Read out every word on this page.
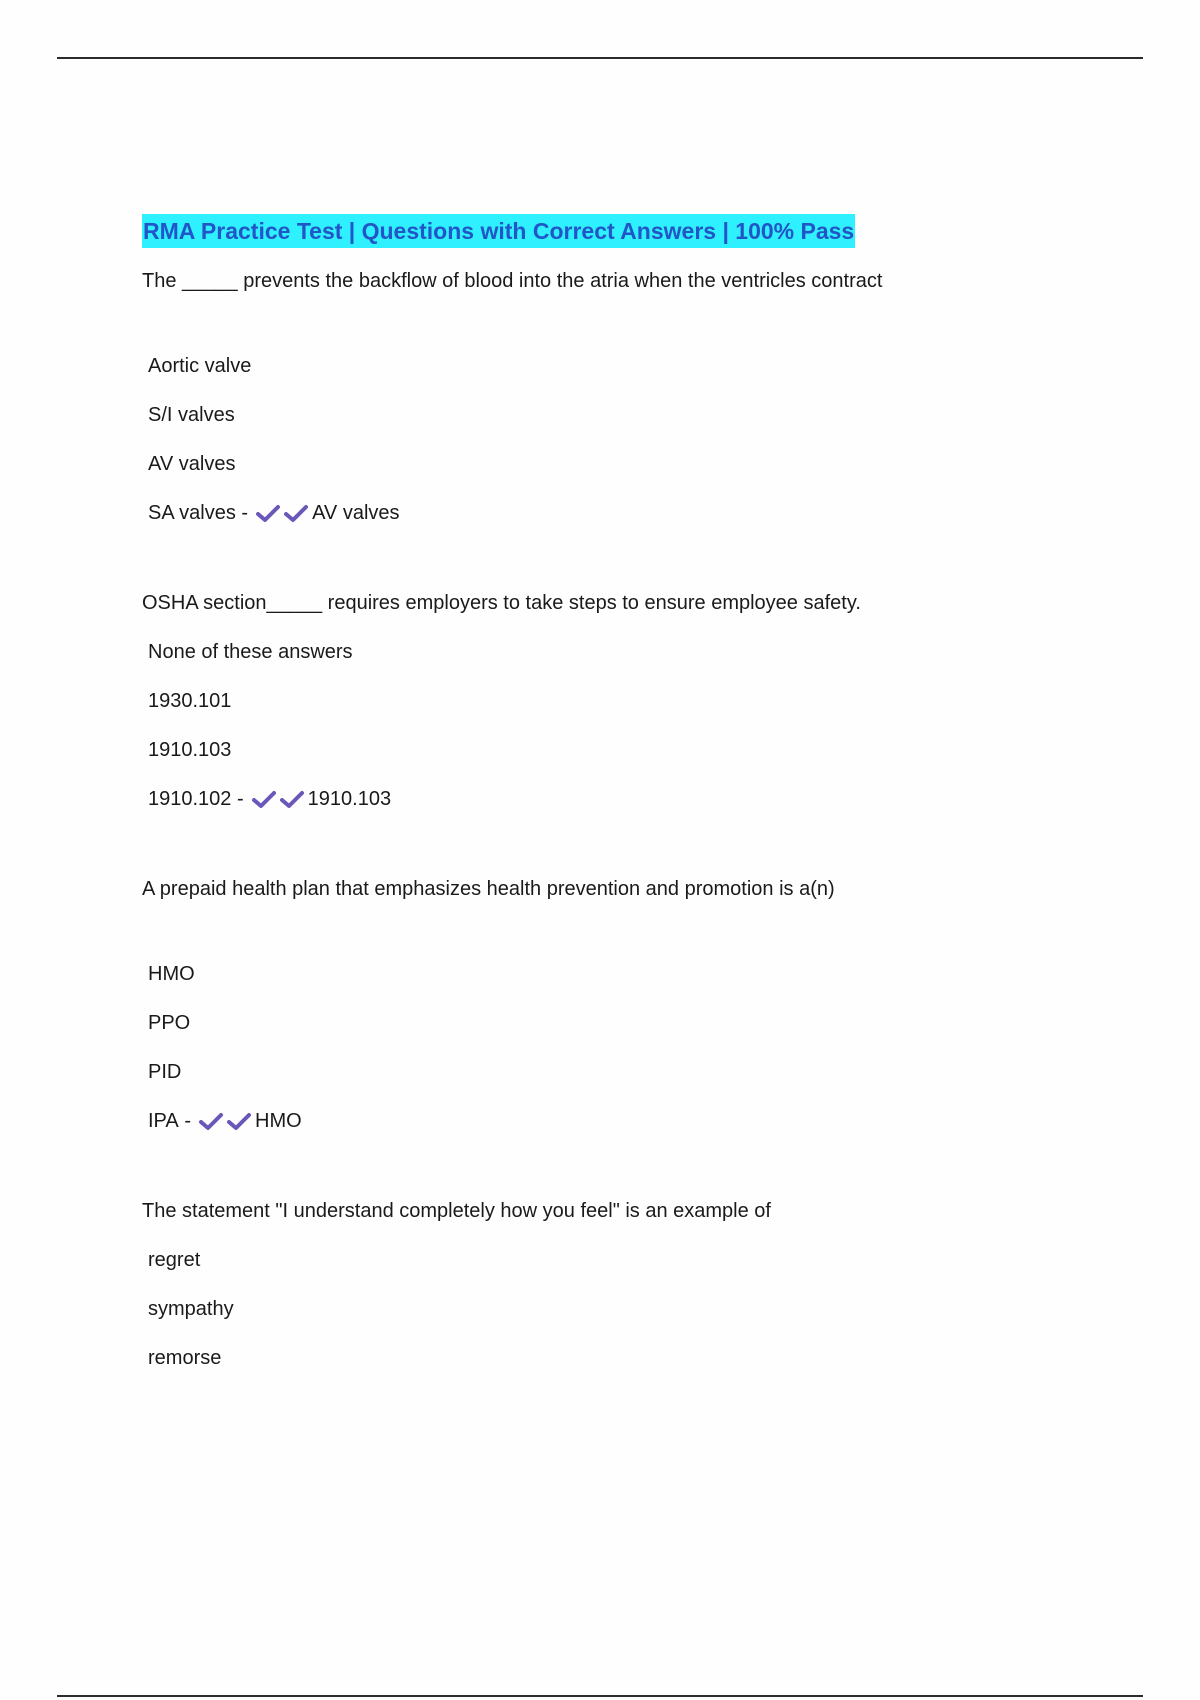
RMA Practice Test | Questions with Correct Answers | 100% Pass

The _____ prevents the backflow of blood into the atria when the ventricles contract

Aortic valve
S/I valves
AV valves
SA valves
-	AV valves

OSHA section_____ requires employers to take steps to ensure employee safety.

None of these answers
1930.101
1910.103
1910.102
-	1910.103

A prepaid health plan that emphasizes health prevention and promotion is a(n)

HMO
PPO
PID
IPA
-	HMO

The statement "I understand completely how you feel" is an example of

regret
sympathy
remorse
